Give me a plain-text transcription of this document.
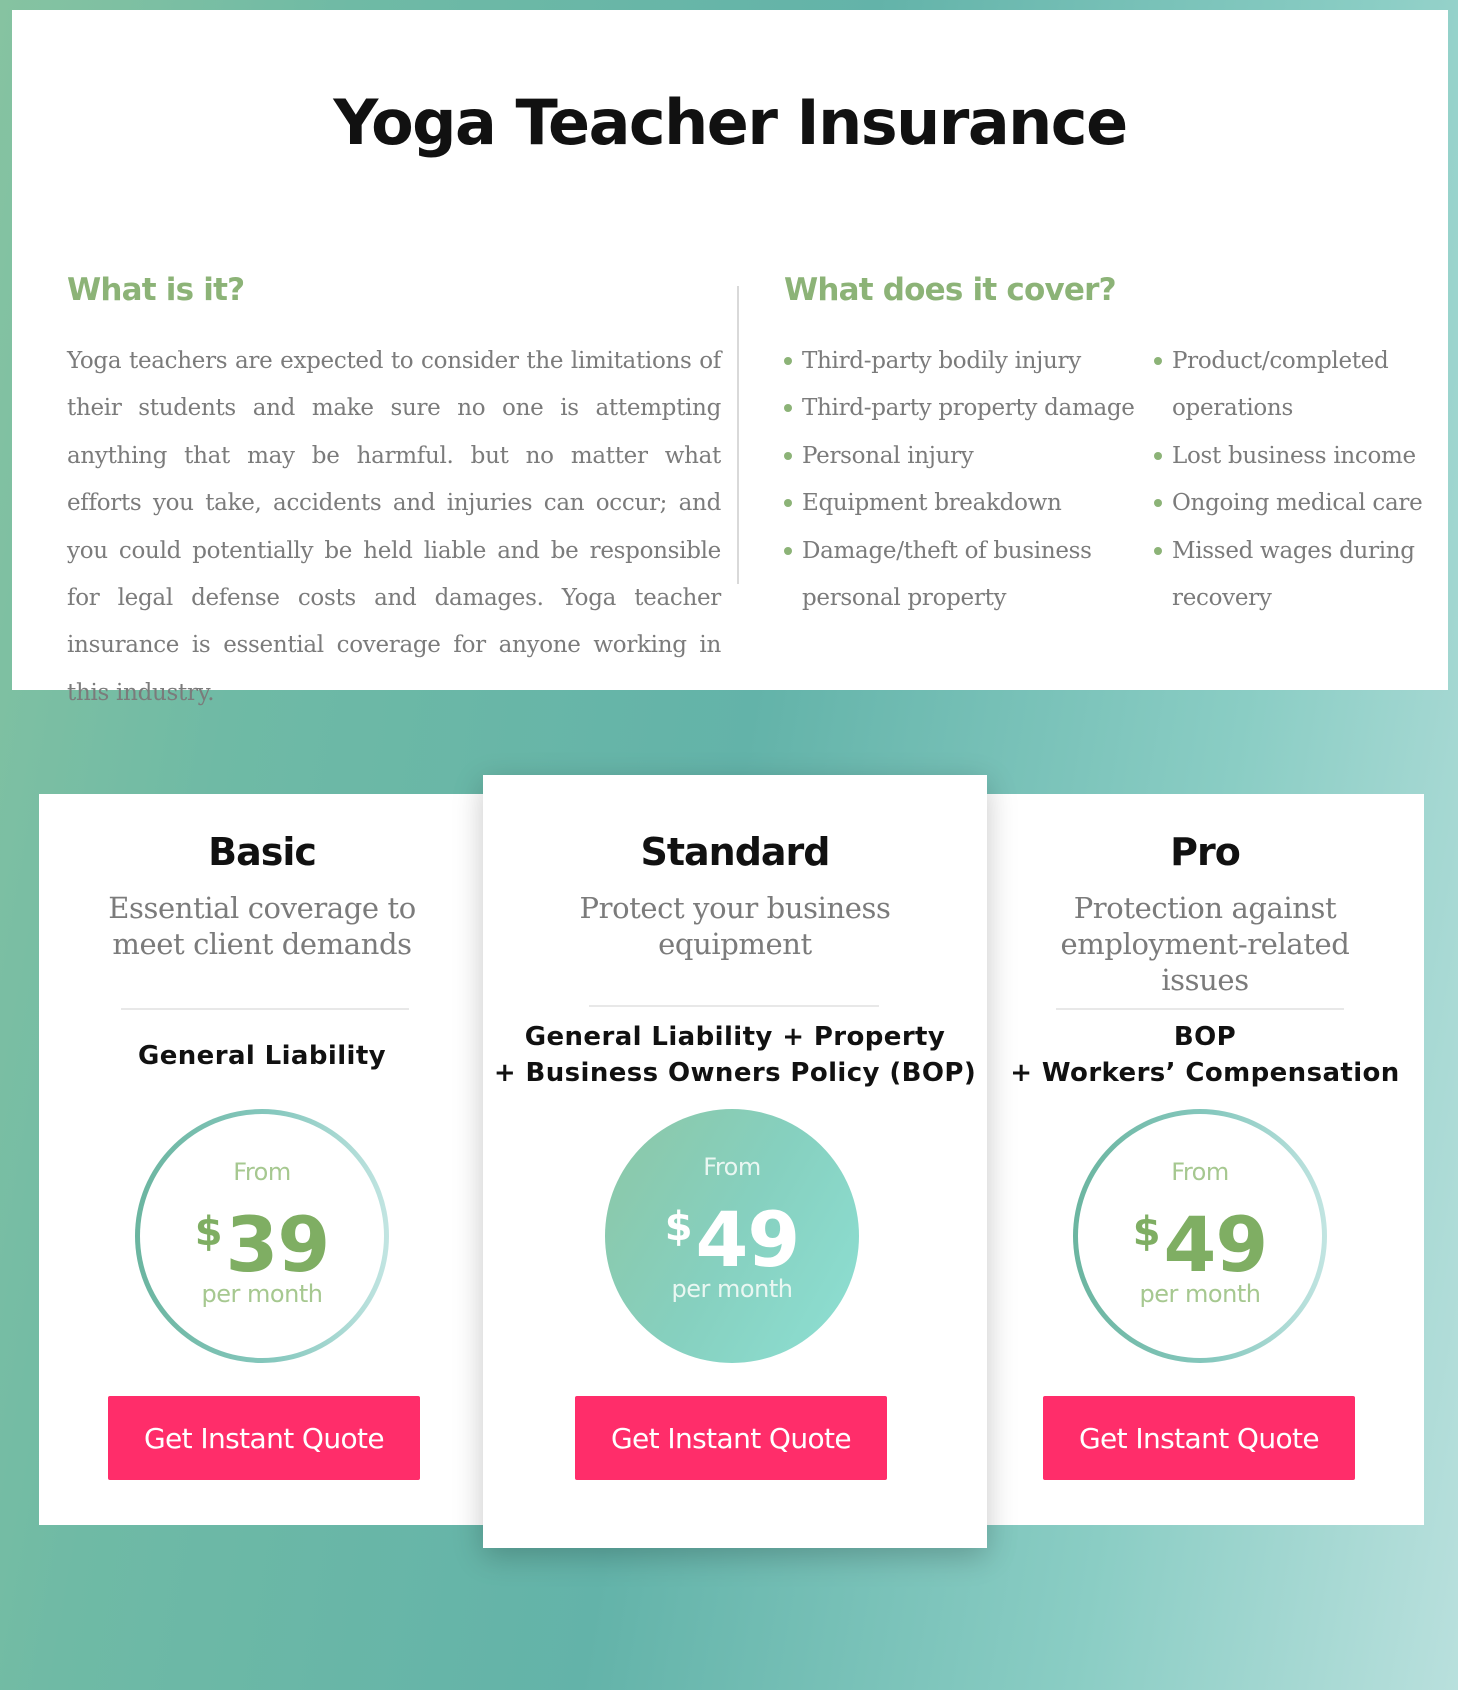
Yoga Teacher Insurance
What is it?

Yoga teachers are expected to consider the limitations of their students and make sure no one is attempting anything that may be harmful. but no matter what efforts you take, accidents and injuries can occur; and you could potentially be held liable and be responsible for legal defense costs and damages. Yoga teacher insurance is essential coverage for anyone working in this industry.

What does it cover?
Third-party bodily injury
Third-party property damage
Personal injury
Equipment breakdown
Damage/theft of business personal property
Product/completed operations
Lost business income
Ongoing medical care
Missed wages during recovery
Basic

Essential coverage to meet client demands

General Liability

From

$39

per month

Get Instant Quote
Standard

Protect your business equipment

General Liability + Property
+ Business Owners Policy (BOP)

From

$49

per month

Get Instant Quote
Pro

Protection against employment-related issues

BOP
+ Workers’ Compensation

From

$49

per month

Get Instant Quote
